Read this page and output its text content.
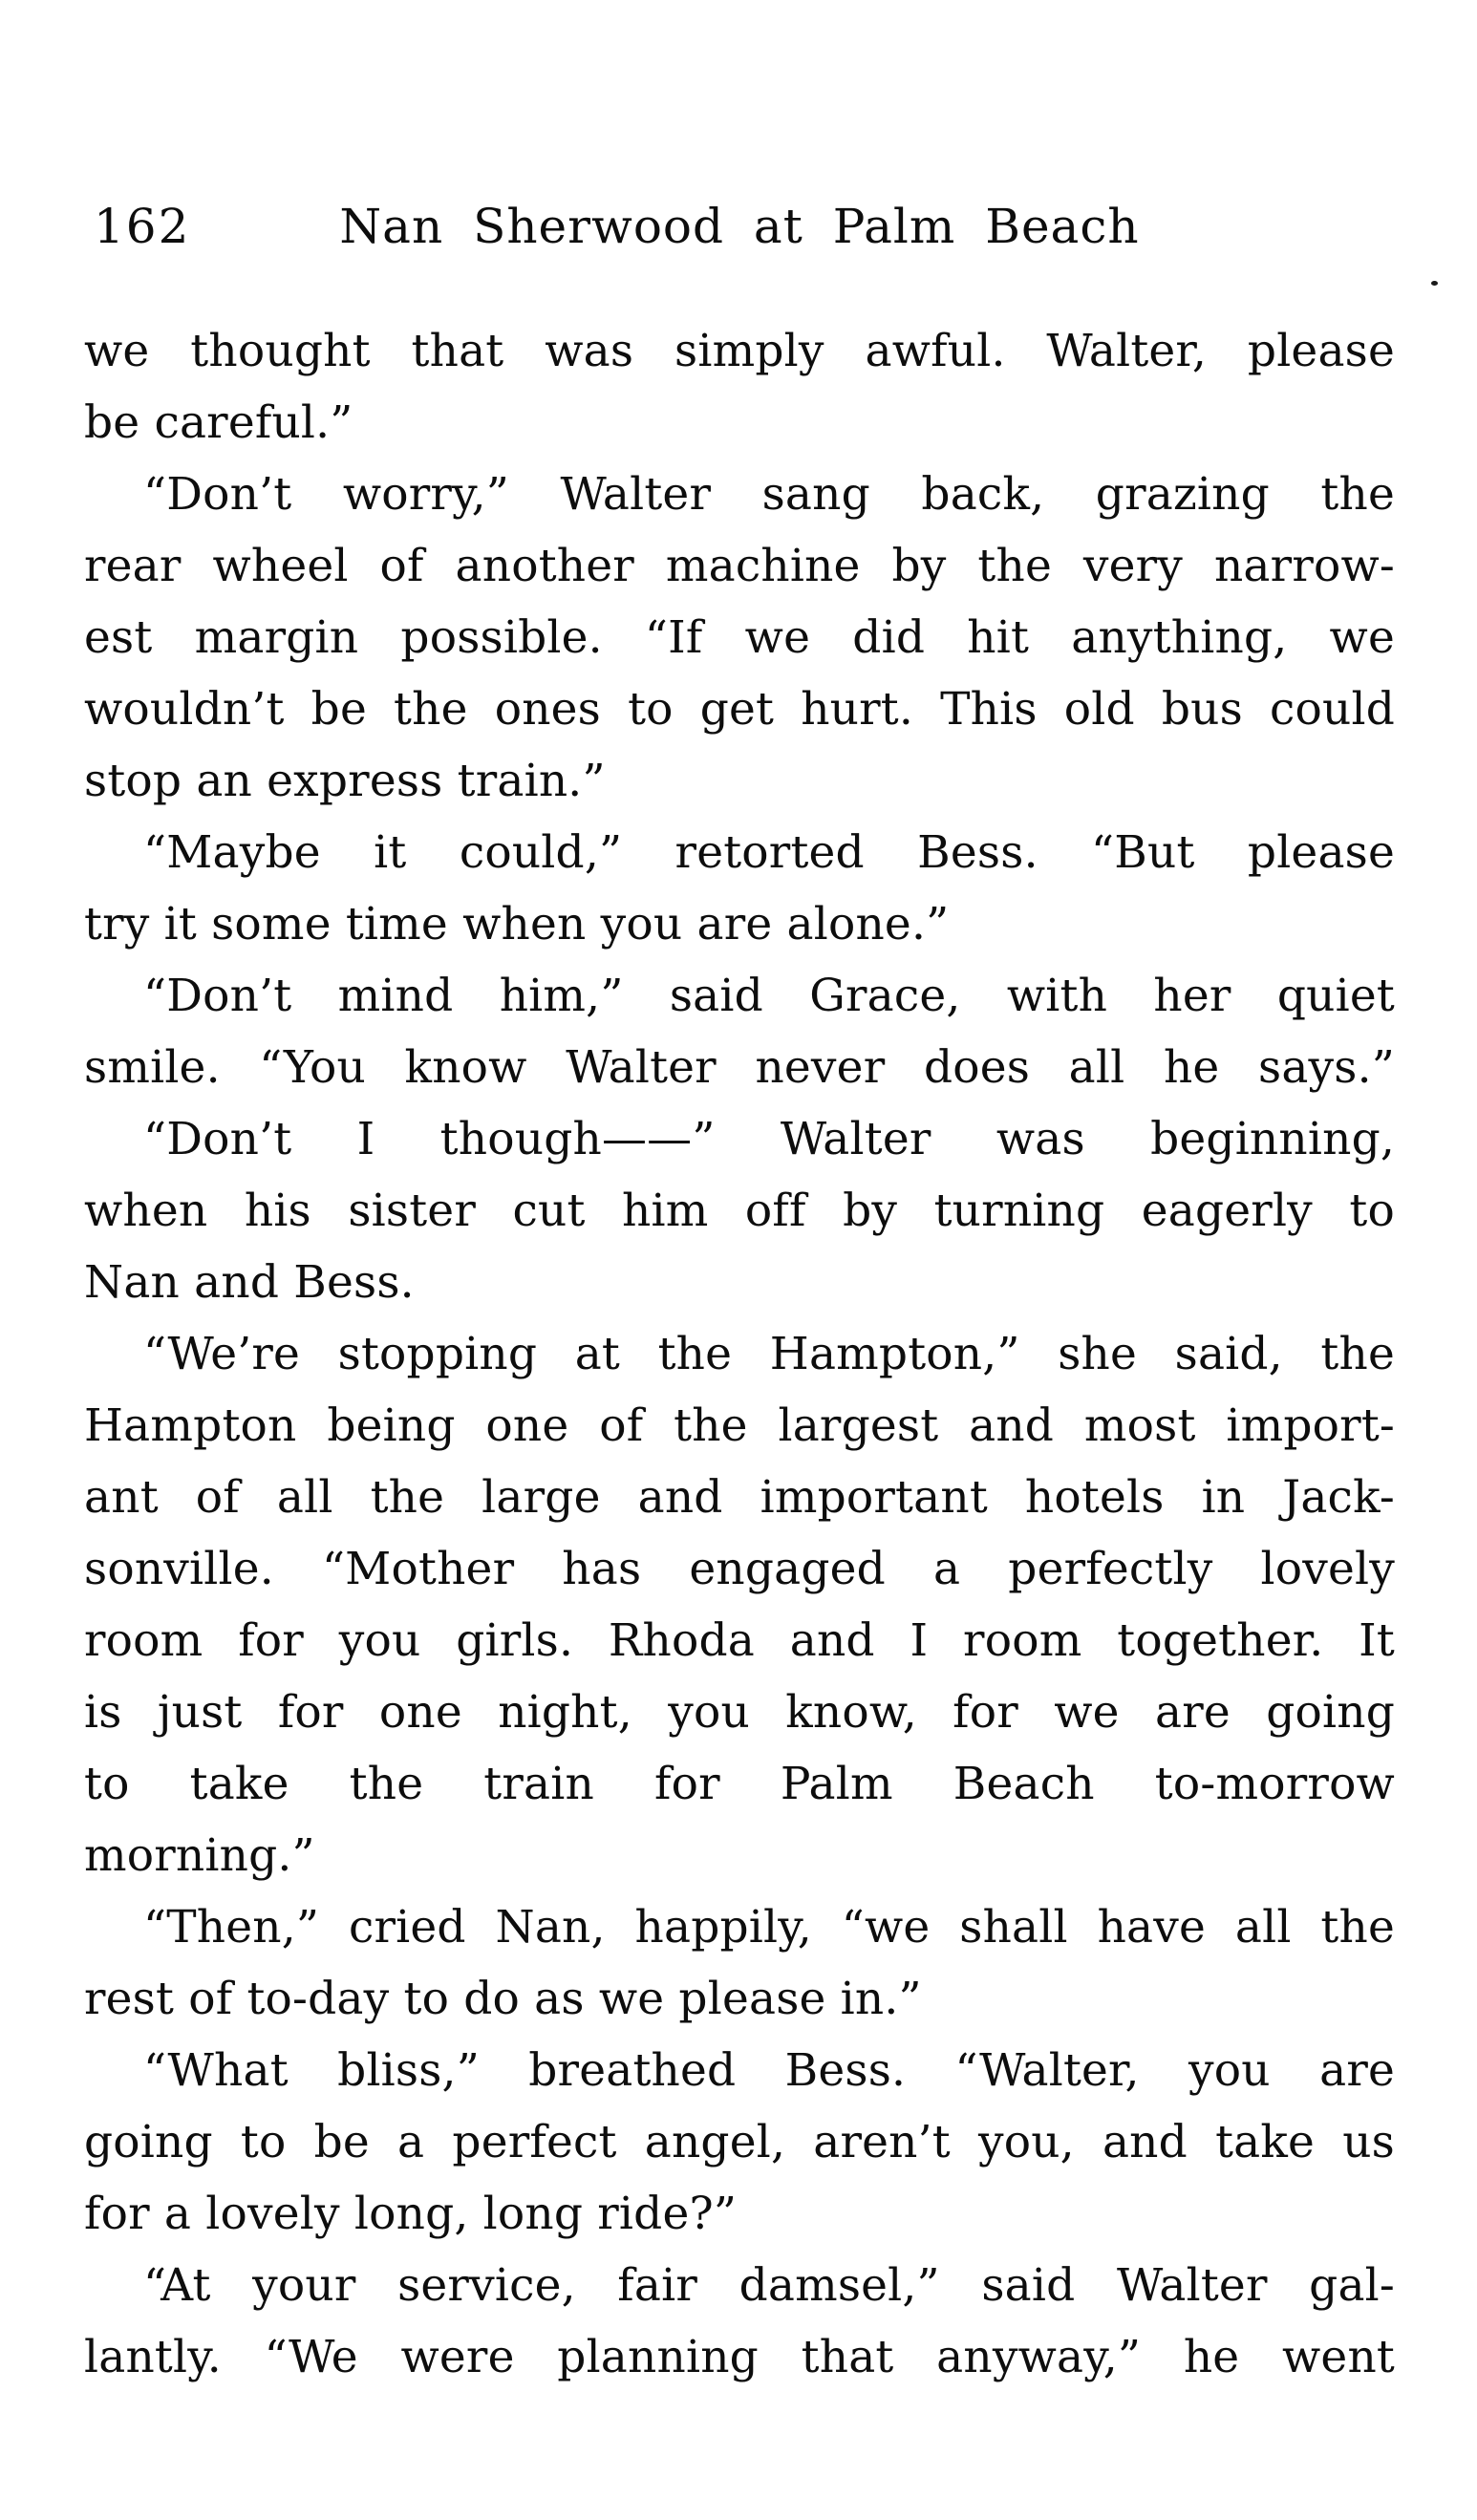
162	Nan Sherwood at Palm Beach
we thought that was simply awful. Walter, please
be careful.”
“Don’t worry,” Walter sang back, grazing the
rear wheel of another machine by the very narrow-
est margin possible. “If we did hit anything, we
wouldn’t be the ones to get hurt. This old bus could
stop an express train.”
“Maybe it could,” retorted Bess. “But please
try it some time when you are alone.”
“Don’t mind him,” said Grace, with her quiet
smile. “You know Walter never does all he says.”
“Don’t I though——” Walter was beginning,
when his sister cut him off by turning eagerly to
Nan and Bess.
“We’re stopping at the Hampton,” she said, the
Hampton being one of the largest and most import-
ant of all the large and important hotels in Jack-
sonville. “Mother has engaged a perfectly lovely
room for you girls. Rhoda and I room together. It
is just for one night, you know, for we are going
to take the train for Palm Beach to-morrow
morning.”
“Then,” cried Nan, happily, “we shall have all the
rest of to-day to do as we please in.”
“What bliss,” breathed Bess. “Walter, you are
going to be a perfect angel, aren’t you, and take us
for a lovely long, long ride?”
“At your service, fair damsel,” said Walter gal-
lantly. “We were planning that anyway,” he went
